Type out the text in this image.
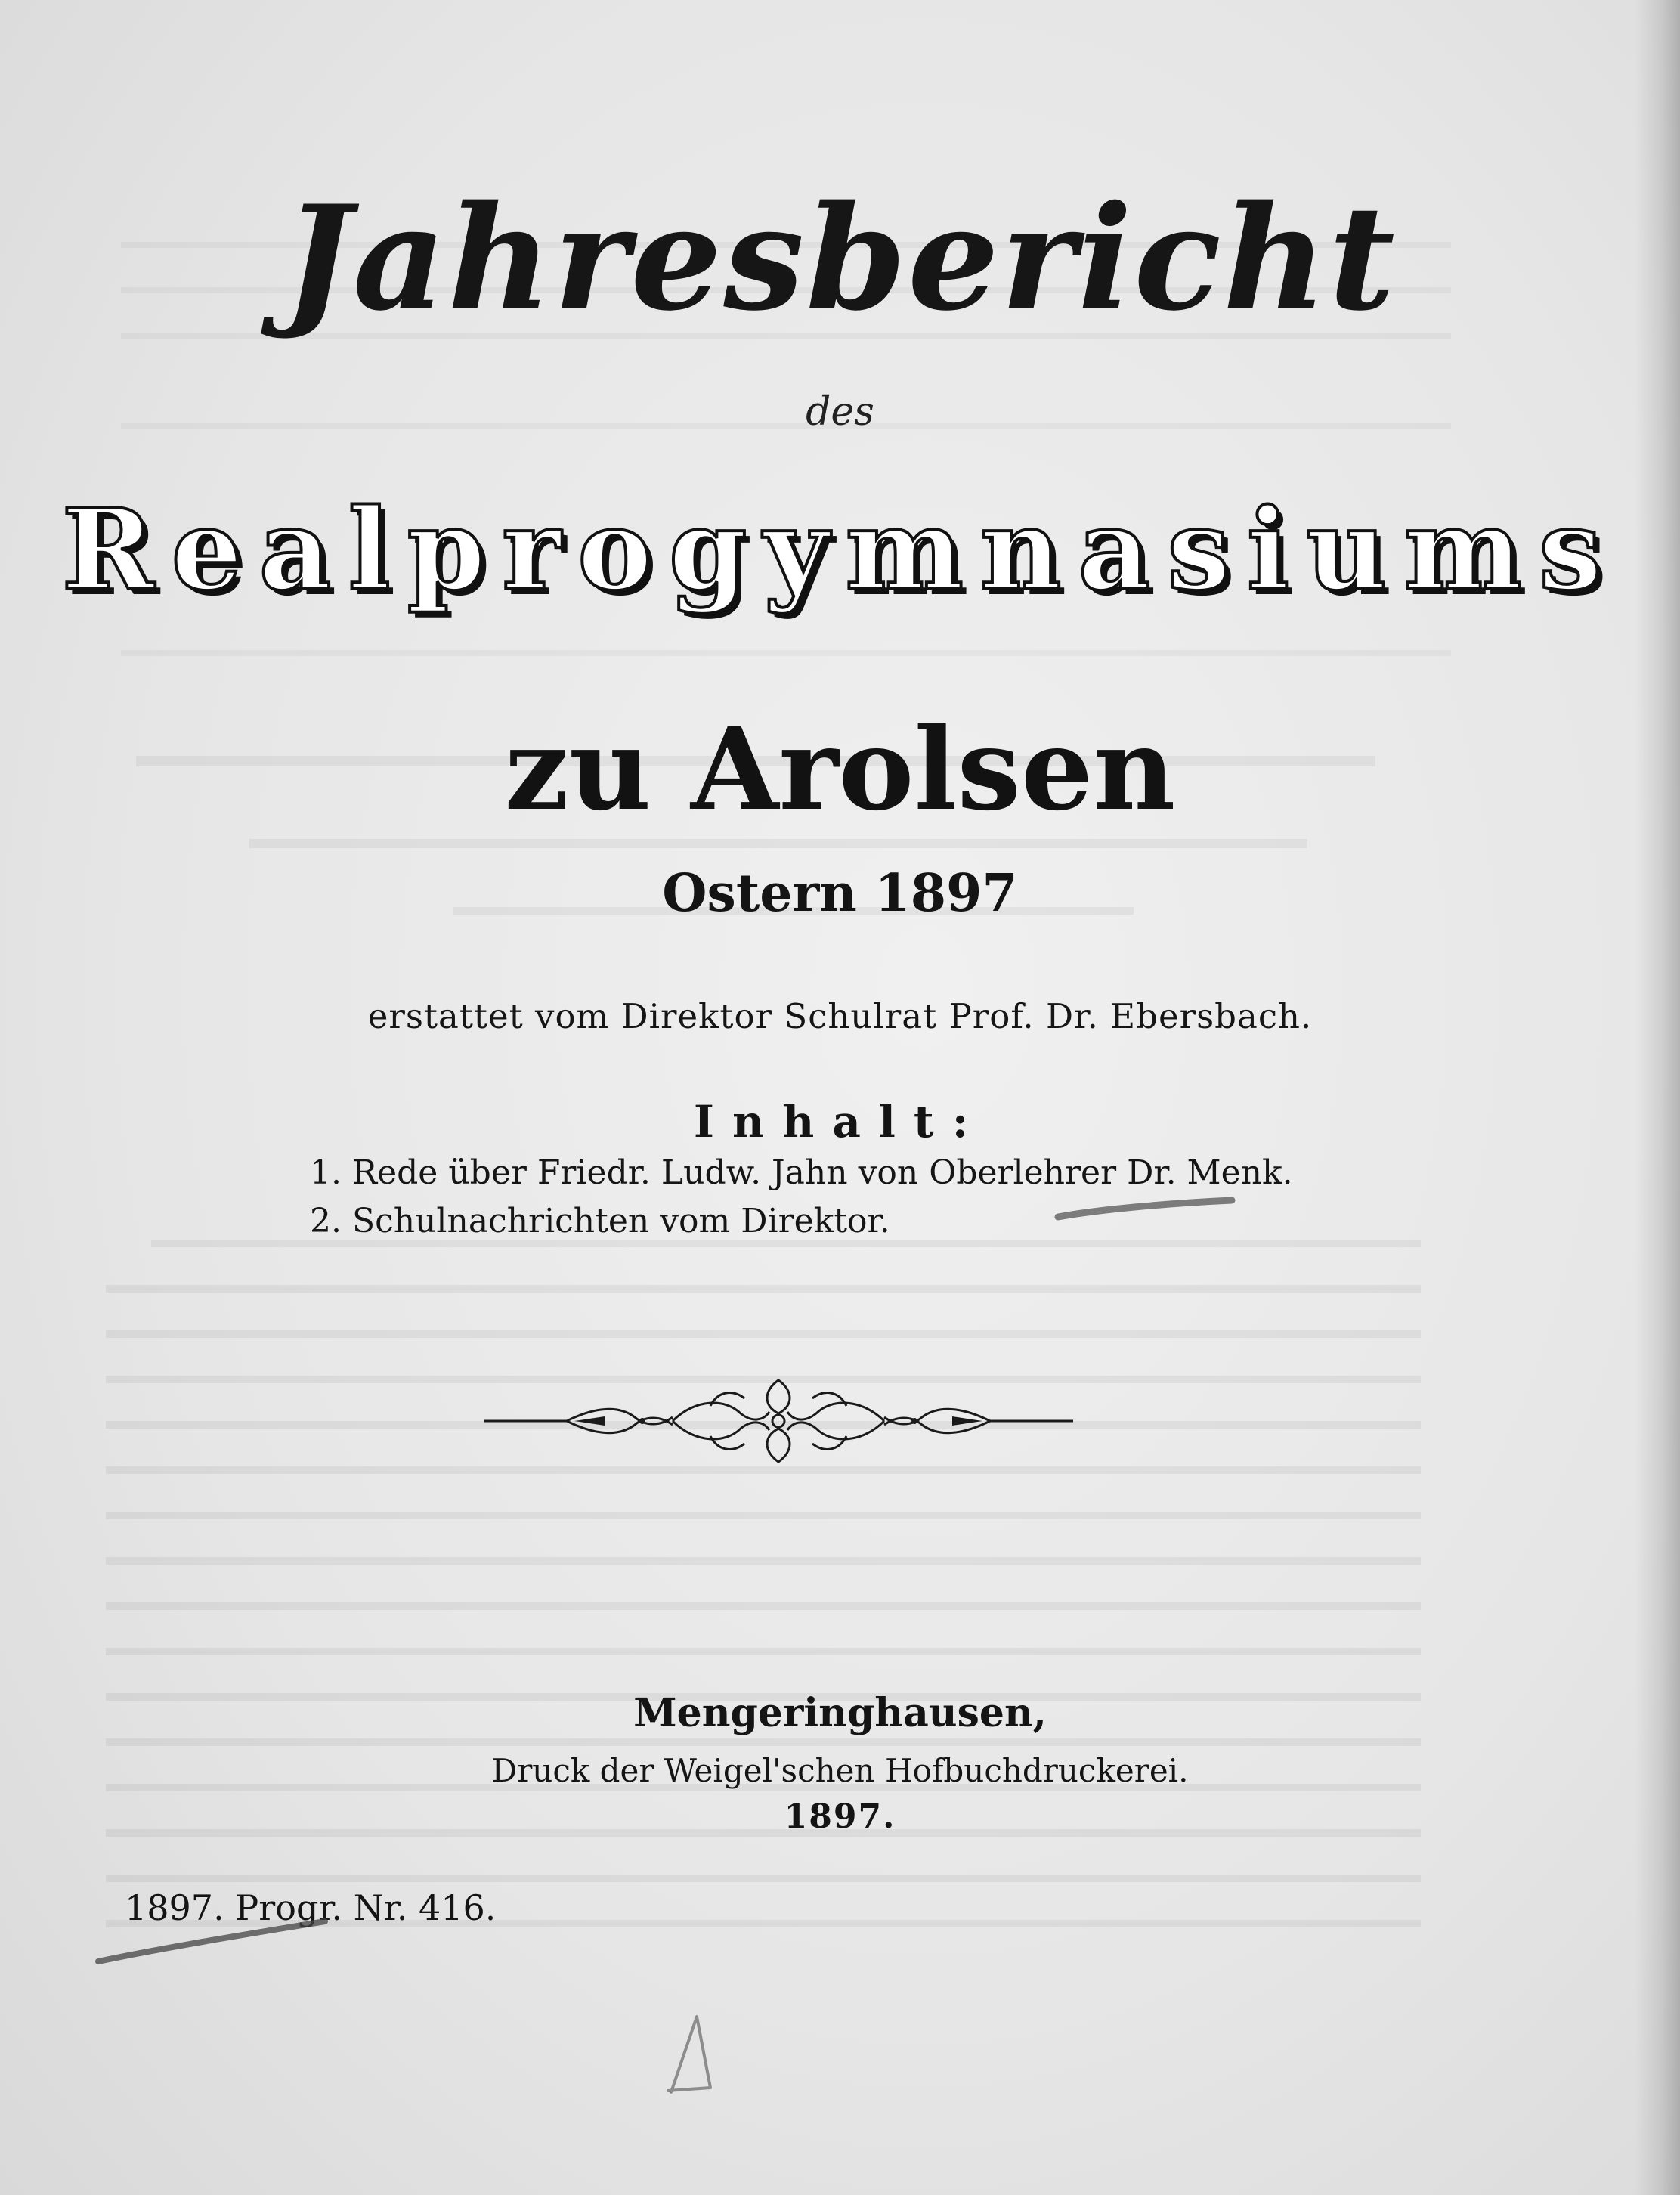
Jahresbericht
des
Realprogymnasiums
zu Arolsen
Ostern 1897
erstattet vom Direktor Schulrat Prof. Dr. Ebersbach.
Inhalt:
1. Rede über Friedr. Ludw. Jahn von Oberlehrer Dr. Menk.
2. Schulnachrichten vom Direktor.
Mengeringhausen,
Druck der Weigel'schen Hofbuchdruckerei.
1897.
1897. Progr. Nr. 416.
